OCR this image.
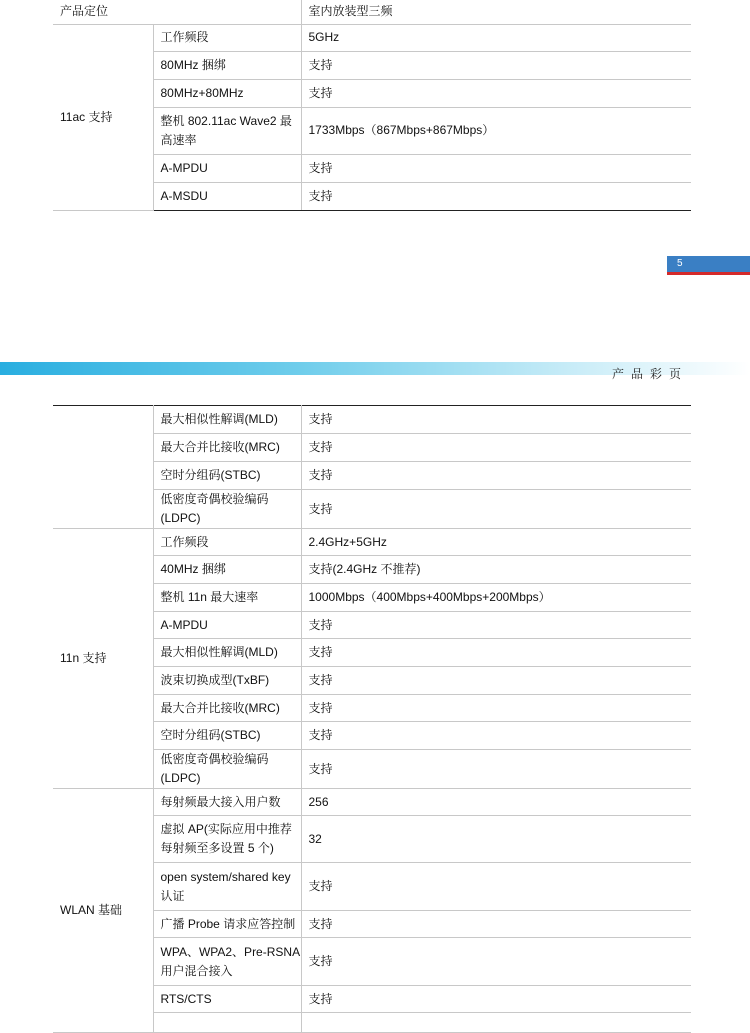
产品定位		室内放装型三频
11ac 支持	工作频段	5GHz
	80MHz 捆绑	支持
	80MHz+80MHz	支持
	整机 802.11ac Wave2 最高速率	1733Mbps（867Mbps+867Mbps）
	A-MPDU	支持
	A-MSDU	支持
5
产品彩页
	最大相似性解调(MLD)	支持
	最大合并比接收(MRC)	支持
	空时分组码(STBC)	支持
	低密度奇偶校验编码(LDPC)	支持
11n 支持	工作频段	2.4GHz+5GHz
	40MHz 捆绑	支持(2.4GHz 不推荐)
	整机 11n 最大速率	1000Mbps（400Mbps+400Mbps+200Mbps）
	A-MPDU	支持
	最大相似性解调(MLD)	支持
	波束切换成型(TxBF)	支持
	最大合并比接收(MRC)	支持
	空时分组码(STBC)	支持
	低密度奇偶校验编码(LDPC)	支持
WLAN 基础	每射频最大接入用户数	256
	虚拟 AP(实际应用中推荐每射频至多设置 5 个)	32
	open system/shared key 认证	支持
	广播 Probe 请求应答控制	支持
	WPA、WPA2、Pre-RSNA 用户混合接入	支持
	RTS/CTS	支持
